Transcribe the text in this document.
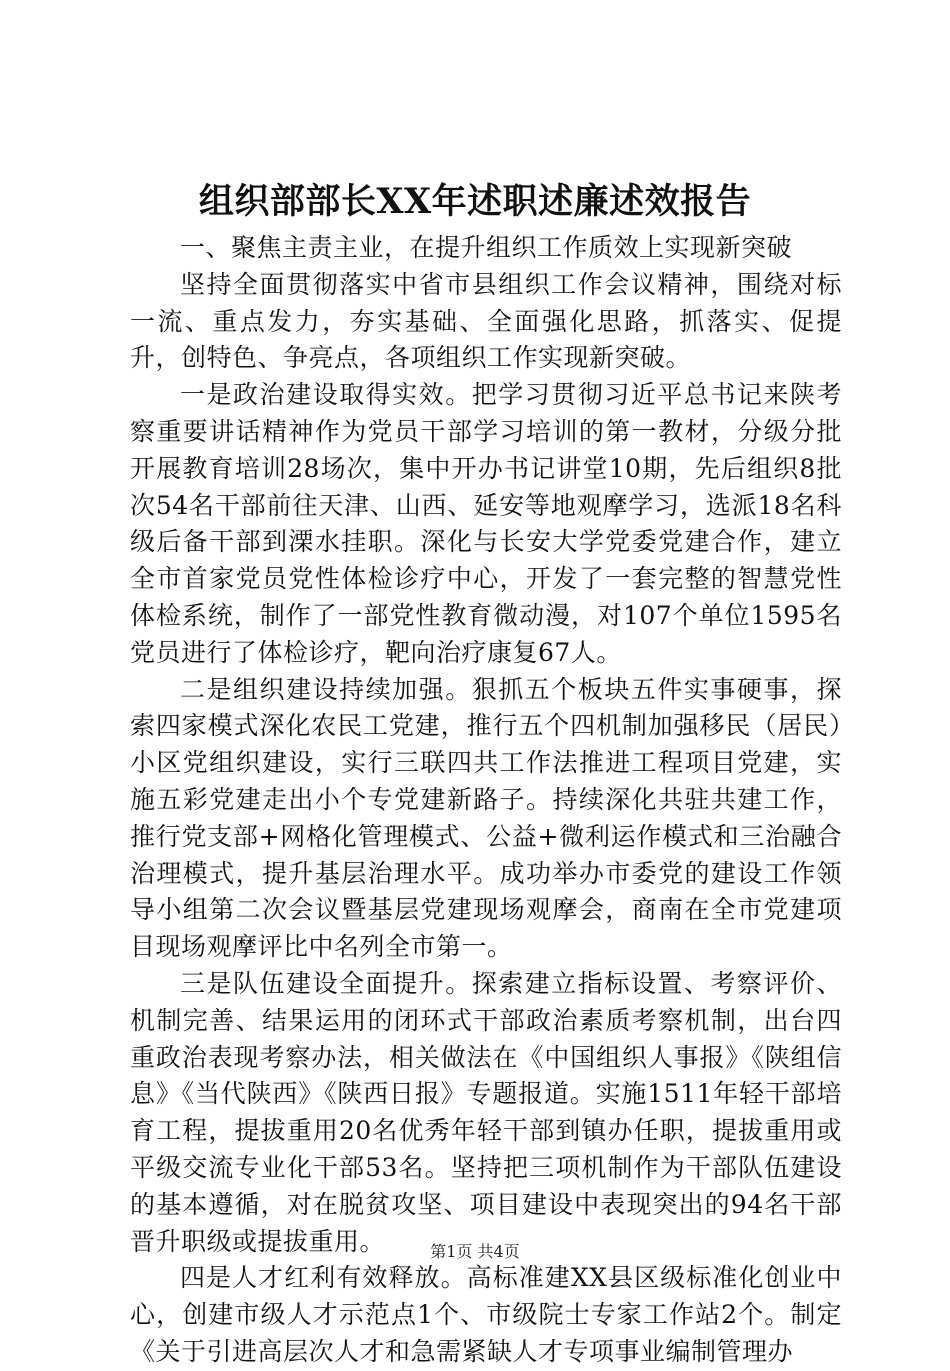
组织部部长XX年述职述廉述效报告

一、聚焦主责主业，在提升组织工作质效上实现新突破

坚持全面贯彻落实中省市县组织工作会议精神，围绕对标一流、重点发力，夯实基础、全面强化思路，抓落实、促提升，创特色、争亮点，各项组织工作实现新突破。

一是政治建设取得实效。把学习贯彻习近平总书记来陕考察重要讲话精神作为党员干部学习培训的第一教材，分级分批开展教育培训28场次，集中开办书记讲堂10期，先后组织8批次54名干部前往天津、山西、延安等地观摩学习，选派18名科级后备干部到溧水挂职。深化与长安大学党委党建合作，建立全市首家党员党性体检诊疗中心，开发了一套完整的智慧党性体检系统，制作了一部党性教育微动漫，对107个单位1595名党员进行了体检诊疗，靶向治疗康复67人。

二是组织建设持续加强。狠抓五个板块五件实事硬事，探索四家模式深化农民工党建，推行五个四机制加强移民（居民）小区党组织建设，实行三联四共工作法推进工程项目党建，实施五彩党建走出小个专党建新路子。持续深化共驻共建工作，推行党支部+网格化管理模式、公益+微利运作模式和三治融合治理模式，提升基层治理水平。成功举办市委党的建设工作领导小组第二次会议暨基层党建现场观摩会，商南在全市党建项目现场观摩评比中名列全市第一。

三是队伍建设全面提升。探索建立指标设置、考察评价、机制完善、结果运用的闭环式干部政治素质考察机制，出台四重政治表现考察办法，相关做法在《中国组织人事报》《陕组信息》《当代陕西》《陕西日报》专题报道。实施1511年轻干部培育工程，提拔重用20名优秀年轻干部到镇办任职，提拔重用或平级交流专业化干部53名。坚持把三项机制作为干部队伍建设的基本遵循，对在脱贫攻坚、项目建设中表现突出的94名干部晋升职级或提拔重用。

四是人才红利有效释放。高标准建XX县区级标准化创业中心，创建市级人才示范点1个、市级院士专家工作站2个。制定《关于引进高层次人才和急需紧缺人才专项事业编制管理办

第1页 共4页
